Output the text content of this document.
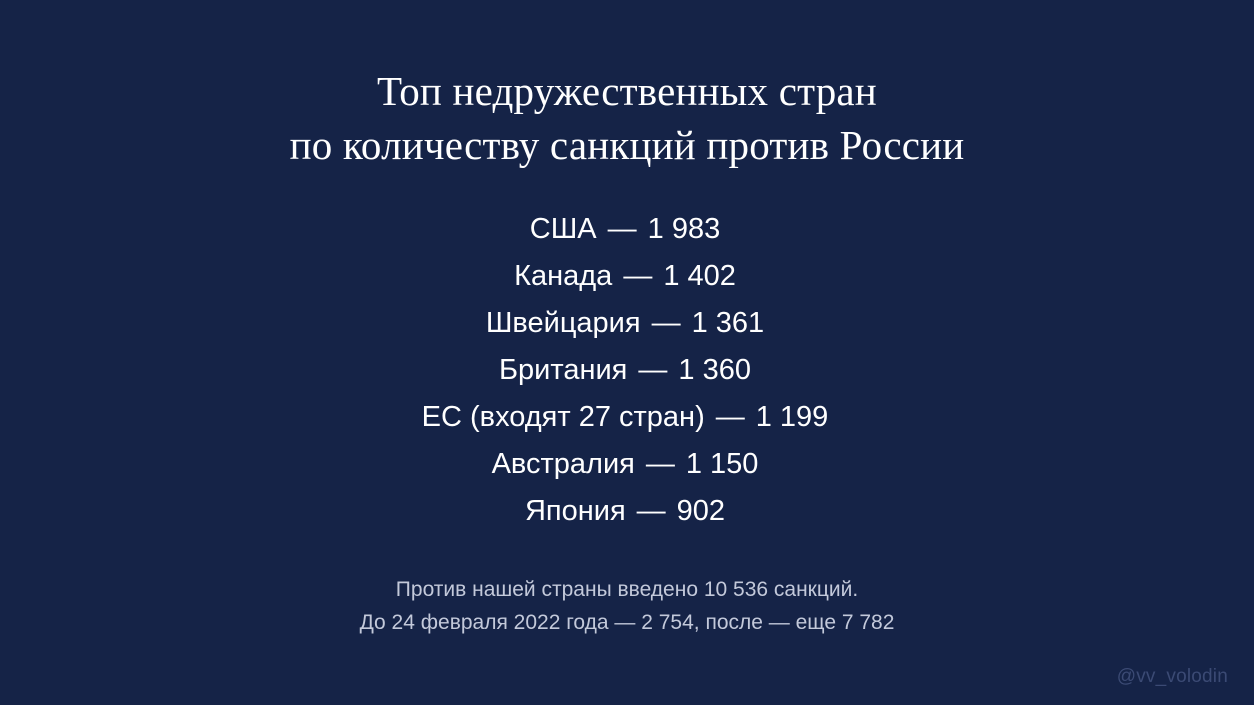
Топ недружественных стран
по количеству санкций против России
США — 1 983
Канада — 1 402
Швейцария — 1 361
Британия — 1 360
ЕС (входят 27 стран) — 1 199
Австралия — 1 150
Япония — 902
Против нашей страны введено 10 536 санкций.
До 24 февраля 2022 года — 2 754, после — еще 7 782
@vv_volodin
